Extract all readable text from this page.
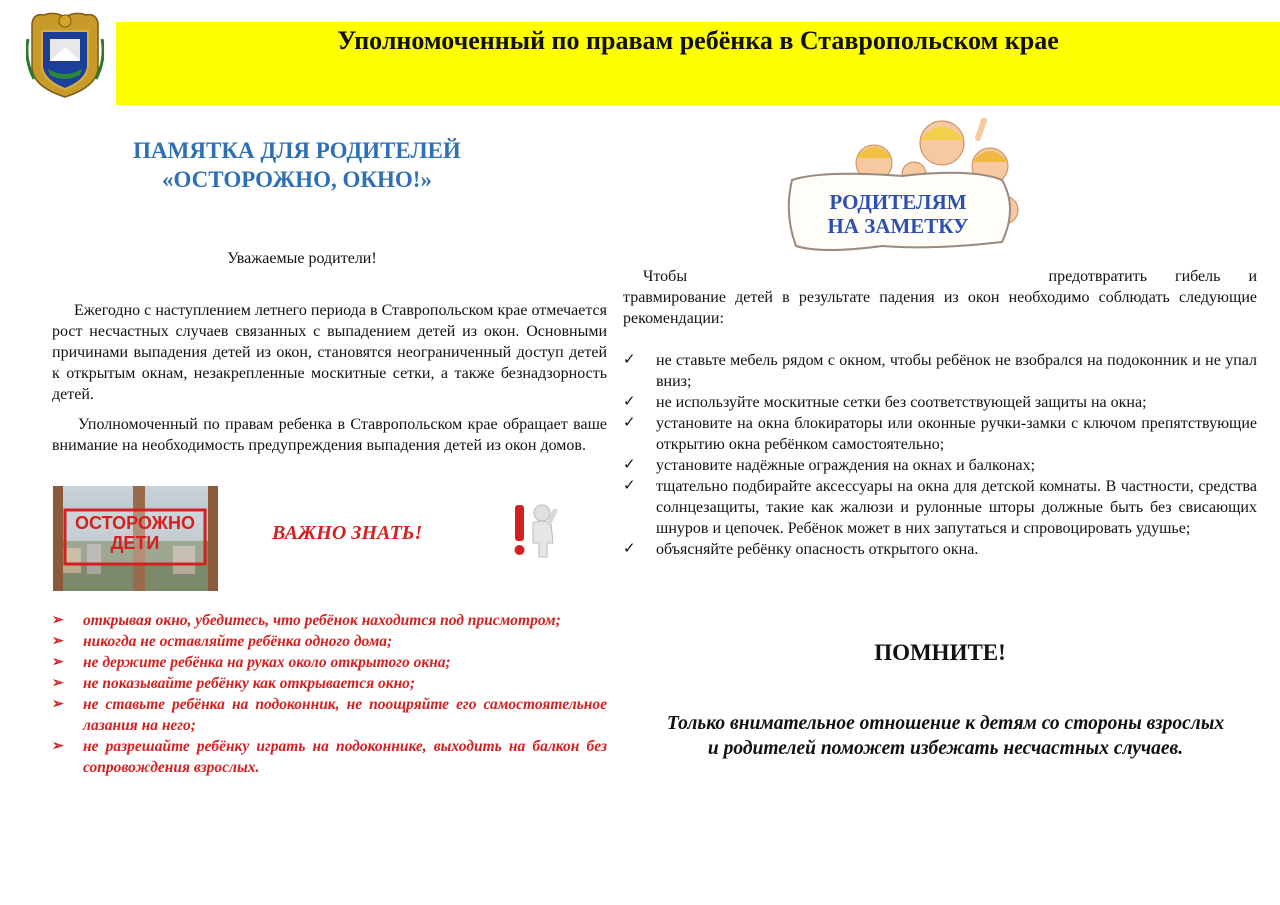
Уполномоченный по правам ребёнка в Ставропольском крае
ПАМЯТКА ДЛЯ РОДИТЕЛЕЙ
«ОСТОРОЖНО, ОКНО!»
Уважаемые родители!
Ежегодно с наступлением летнего периода в Ставропольском крае отмечается рост несчастных случаев связанных с выпадением детей из окон. Основными причинами выпадения детей из окон, становятся неограниченный доступ детей к открытым окнам, незакрепленные москитные сетки, а также безнадзорность детей.
Уполномоченный по правам ребенка в Ставропольском крае обращает ваше внимание на необходимость предупреждения выпадения детей из окон домов.
ОСТОРОЖНО
ДЕТИ	ВАЖНО ЗНАТЬ!
➢ открывая окно, убедитесь, что ребёнок находится под присмотром;
➢ никогда не оставляйте ребёнка одного дома;
➢ не держите ребёнка на руках около открытого окна;
➢ не показывайте ребёнку как открывается окно;
➢ не ставьте ребёнка на подоконник, не поощряйте его самостоятельное лазания на него;
➢ не разрешайте ребёнку играть на подоконнике, выходить на балкон без сопровождения взрослых.
РОДИТЕЛЯМ
НА ЗАМЕТКУ
Чтобы	предотвратить гибель и
травмирование детей в результате падения из окон необходимо соблюдать следующие рекомендации:
✓ не ставьте мебель рядом с окном, чтобы ребёнок не взобрался на подоконник и не упал вниз;
✓ не используйте москитные сетки без соответствующей защиты на окна;
✓ установите на окна блокираторы или оконные ручки-замки с ключом препятствующие открытию окна ребёнком самостоятельно;
✓ установите надёжные ограждения на окнах и балконах;
✓ тщательно подбирайте аксессуары на окна для детской комнаты. В частности, средства солнцезащиты, такие как жалюзи и рулонные шторы должные быть без свисающих шнуров и цепочек. Ребёнок может в них запутаться и спровоцировать удушье;
✓ объясняйте ребёнку опасность открытого окна.
ПОМНИТЕ!
Только внимательное отношение к детям со стороны взрослых
и родителей поможет избежать несчастных случаев.
